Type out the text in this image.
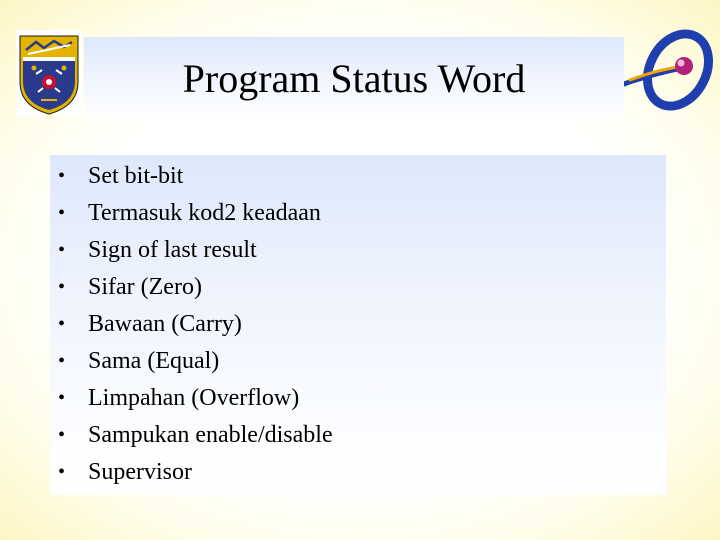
Program Status Word
• Set bit-bit
• Termasuk kod2 keadaan
• Sign of last result
• Sifar (Zero)
• Bawaan (Carry)
• Sama (Equal)
• Limpahan (Overflow)
• Sampukan enable/disable
• Supervisor
